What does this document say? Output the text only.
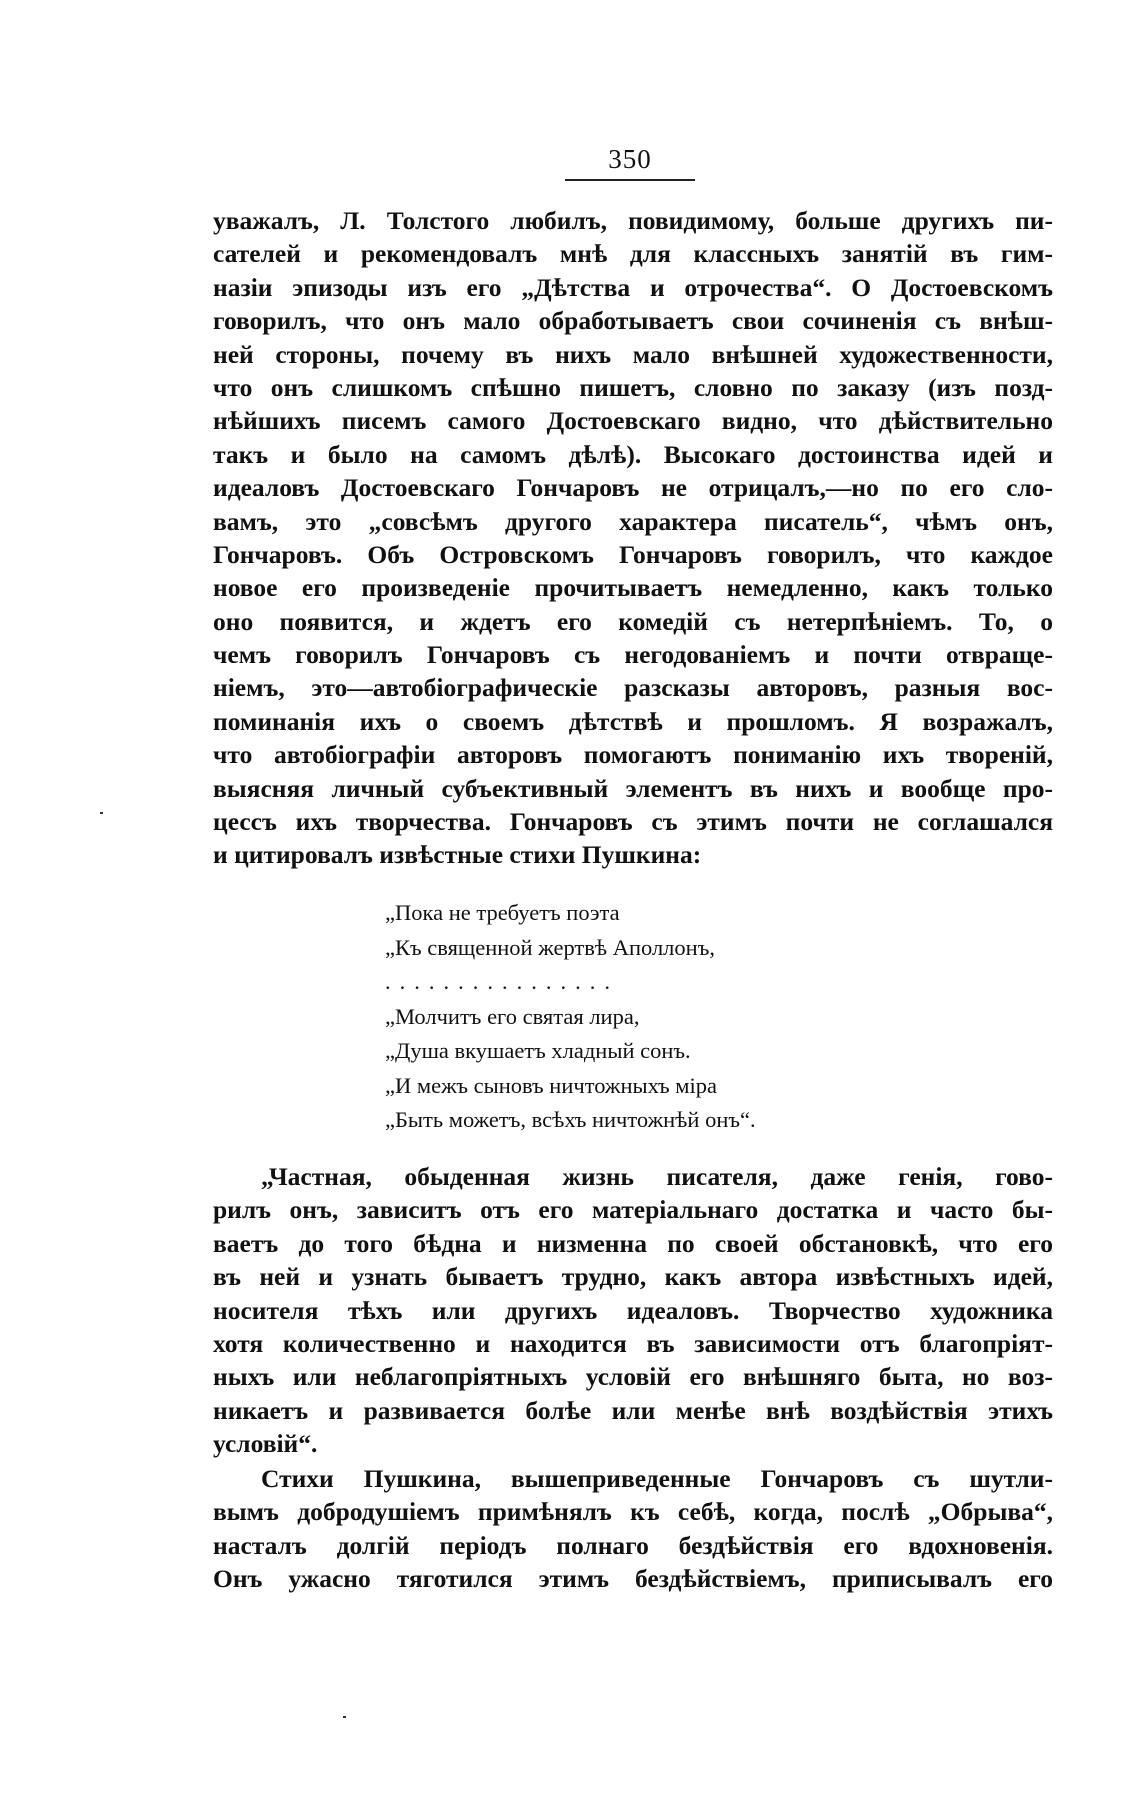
350
уважалъ, Л. Толстого любилъ, повидимому, больше другихъ пи-
сателей и рекомендовалъ мнѣ для классныхъ занятій въ гим-
назіи эпизоды изъ его „Дѣтства и отрочества“. О Достоевскомъ
говорилъ, что онъ мало обработываетъ свои сочиненія съ внѣш-
ней стороны, почему въ нихъ мало внѣшней художественности,
что онъ слишкомъ спѣшно пишетъ, словно по заказу (изъ позд-
нѣйшихъ писемъ самого Достоевскаго видно, что дѣйствительно
такъ и было на самомъ дѣлѣ). Высокаго достоинства идей и
идеаловъ Достоевскаго Гончаровъ не отрицалъ,—но по его сло-
вамъ, это „совсѣмъ другого характера писатель“, чѣмъ онъ,
Гончаровъ. Объ Островскомъ Гончаровъ говорилъ, что каждое
новое его произведеніе прочитываетъ немедленно, какъ только
оно появится, и ждетъ его комедій съ нетерпѣніемъ. То, о
чемъ говорилъ Гончаровъ съ негодованіемъ и почти отвраще-
ніемъ, это—автобіографическіе разсказы авторовъ, разныя вос-
поминанія ихъ о своемъ дѣтствѣ и прошломъ. Я возражалъ,
что автобіографіи авторовъ помогаютъ пониманію ихъ твореній,
выясняя личный субъективный элементъ въ нихъ и вообще про-
цессъ ихъ творчества. Гончаровъ съ этимъ почти не соглашался
и цитировалъ извѣстные стихи Пушкина:
„Пока не требуетъ поэта
„Къ священной жертвѣ Аполлонъ,
................
„Молчитъ его святая лира,
„Душа вкушаетъ хладный сонъ.
„И межъ сыновъ ничтожныхъ міра
„Быть можетъ, всѣхъ ничтожнѣй онъ“.
„Частная, обыденная жизнь писателя, даже генія, гово-
рилъ онъ, зависитъ отъ его матеріальнаго достатка и часто бы-
ваетъ до того бѣдна и низменна по своей обстановкѣ, что его
въ ней и узнать бываетъ трудно, какъ автора извѣстныхъ идей,
носителя тѣхъ или другихъ идеаловъ. Творчество художника
хотя количественно и находится въ зависимости отъ благопріят-
ныхъ или неблагопріятныхъ условій его внѣшняго быта, но воз-
никаетъ и развивается болѣе или менѣе внѣ воздѣйствія этихъ
условій“.
Стихи Пушкина, вышеприведенные Гончаровъ съ шутли-
вымъ добродушіемъ примѣнялъ къ себѣ, когда, послѣ „Обрыва“,
насталъ долгій періодъ полнаго бездѣйствія его вдохновенія.
Онъ ужасно тяготился этимъ бездѣйствіемъ, приписывалъ его
